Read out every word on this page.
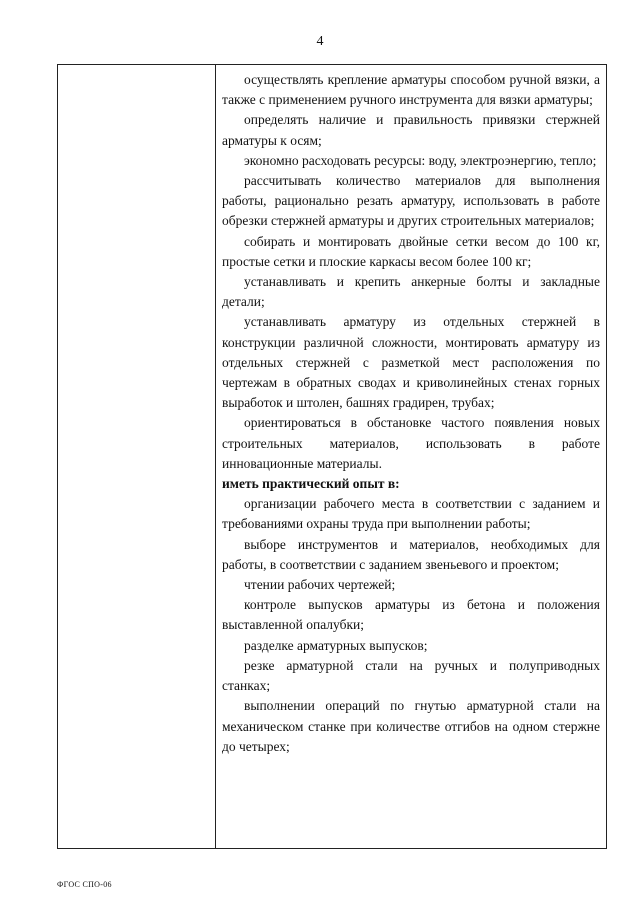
4

осуществлять крепление арматуры способом ручной вязки, а также с применением ручного инструмента для вязки арматуры;

определять наличие и правильность привязки стержней арматуры к осям;

экономно расходовать ресурсы: воду, электроэнергию, тепло;

рассчитывать количество материалов для выполнения работы, рационально резать арматуру, использовать в работе обрезки стержней арматуры и других строительных материалов;

собирать и монтировать двойные сетки весом до 100 кг, простые сетки и плоские каркасы весом более 100 кг;

устанавливать и крепить анкерные болты и закладные детали;

устанавливать арматуру из отдельных стержней в конструкции различной сложности, монтировать арматуру из отдельных стержней с разметкой мест расположения по чертежам в обратных сводах и криволинейных стенах горных выработок и штолен, башнях градирен, трубах;

ориентироваться в обстановке частого появления новых строительных материалов, использовать в работе инновационные материалы.

иметь практический опыт в:

организации рабочего места в соответствии с заданием и требованиями охраны труда при выполнении работы;

выборе инструментов и материалов, необходимых для работы, в соответствии с заданием звеньевого и проектом;

чтении рабочих чертежей;

контроле выпусков арматуры из бетона и положения выставленной опалубки;

разделке арматурных выпусков;

резке арматурной стали на ручных и полуприводных станках;

выполнении операций по гнутью арматурной стали на механическом станке при количестве отгибов на одном стержне до четырех;

ФГОС СПО-06
